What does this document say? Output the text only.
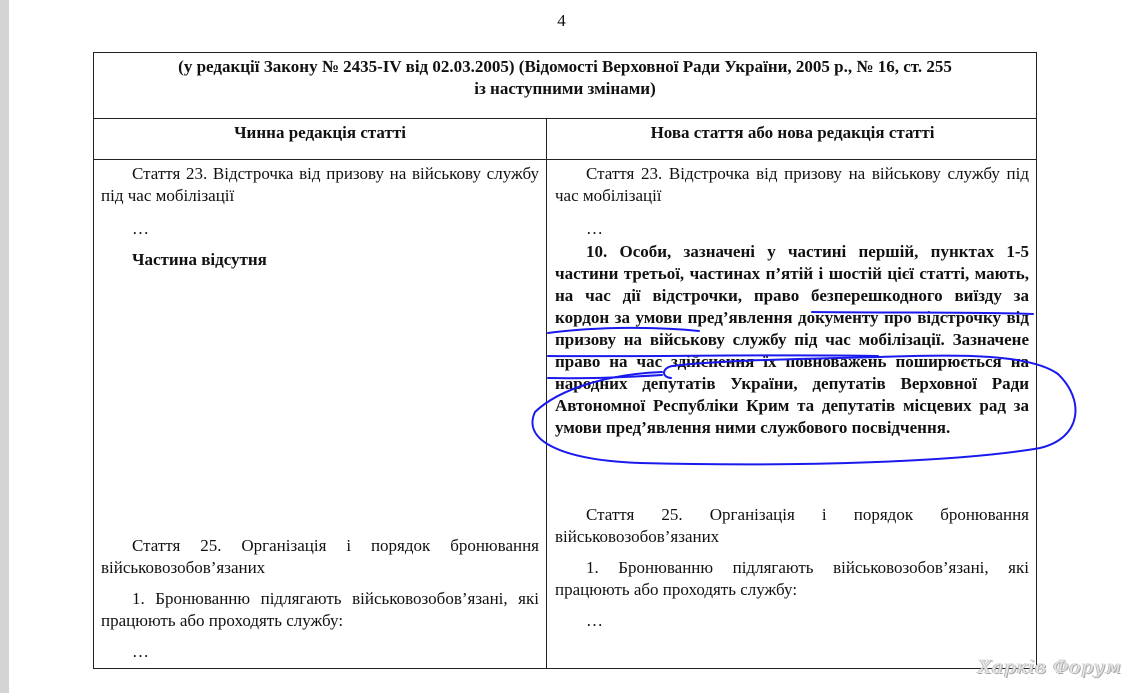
4
(у редакції Закону № 2435-IV від 02.03.2005) (Відомості Верховної Ради України, 2005 р., № 16, ст. 255
із наступними змінами)
Чинна редакція статті	Нова стаття або нова редакція статті
Стаття 23. Відстрочка від призову на військову службу під час мобілізації
…
Частина відсутня
Стаття 25. Організація і порядок бронювання військовозобов’язаних
1. Бронюванню підлягають військовозобов’язані, які працюють або проходять службу:
…
Стаття 23. Відстрочка від призову на військову службу під час мобілізації
…
10. Особи, зазначені у частині першій, пунктах 1-5 частини третьої, частинах п’ятій і шостій цієї статті, мають, на час дії відстрочки, право безперешкодного виїзду за кордон за умови пред’явлення документу про відстрочку від призову на військову службу під час мобілізації. Зазначене право на час здійснення їх повноважень поширюється на народних депутатів України, депутатів Верховної Ради Автономної Республіки Крим та депутатів місцевих рад за умови пред’явлення ними службового посвідчення.
Стаття 25. Організація і порядок бронювання військовозобов’язаних
1. Бронюванню підлягають військовозобов’язані, які працюють або проходять службу:
…
Харків Форум
